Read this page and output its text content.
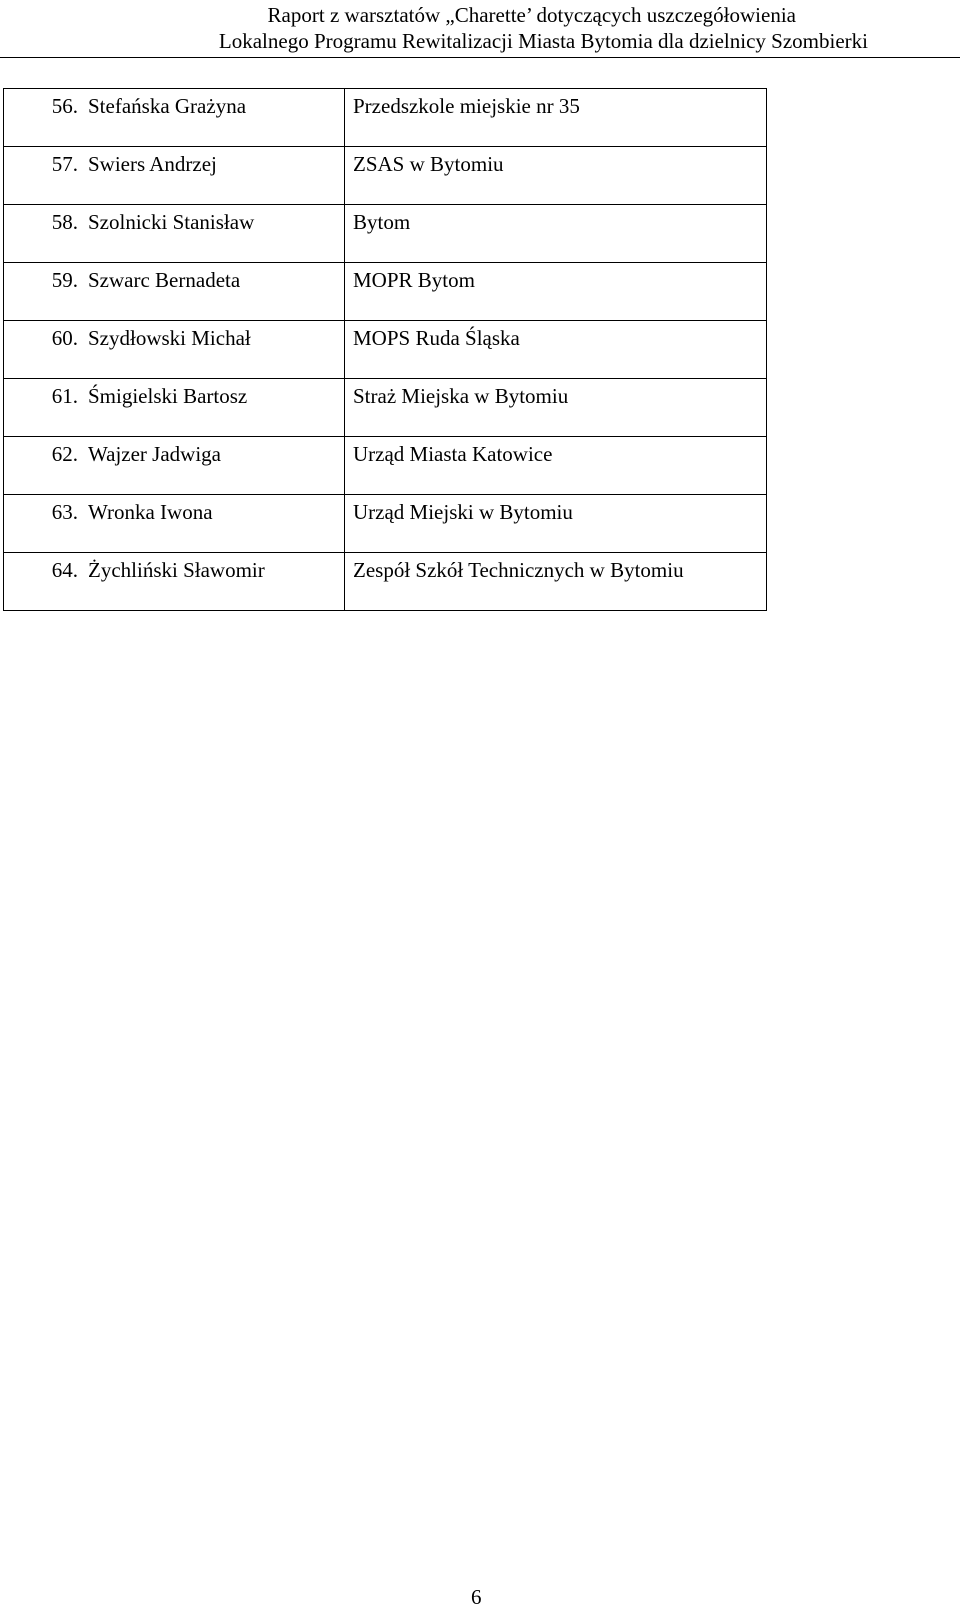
Raport z warsztatów „Charette’ dotyczących uszczegółowienia
Lokalnego Programu Rewitalizacji Miasta Bytomia dla dzielnicy Szombierki
56.	Stefańska Grażyna	Przedszkole miejskie nr 35
57.	Swiers Andrzej	ZSAS w Bytomiu
58.	Szolnicki Stanisław	Bytom
59.	Szwarc Bernadeta	MOPR Bytom
60.	Szydłowski Michał	MOPS Ruda Śląska
61.	Śmigielski Bartosz	Straż Miejska w Bytomiu
62.	Wajzer Jadwiga	Urząd Miasta Katowice
63.	Wronka Iwona	Urząd Miejski w Bytomiu
64.	Żychliński Sławomir	Zespół Szkół Technicznych w Bytomiu
6
